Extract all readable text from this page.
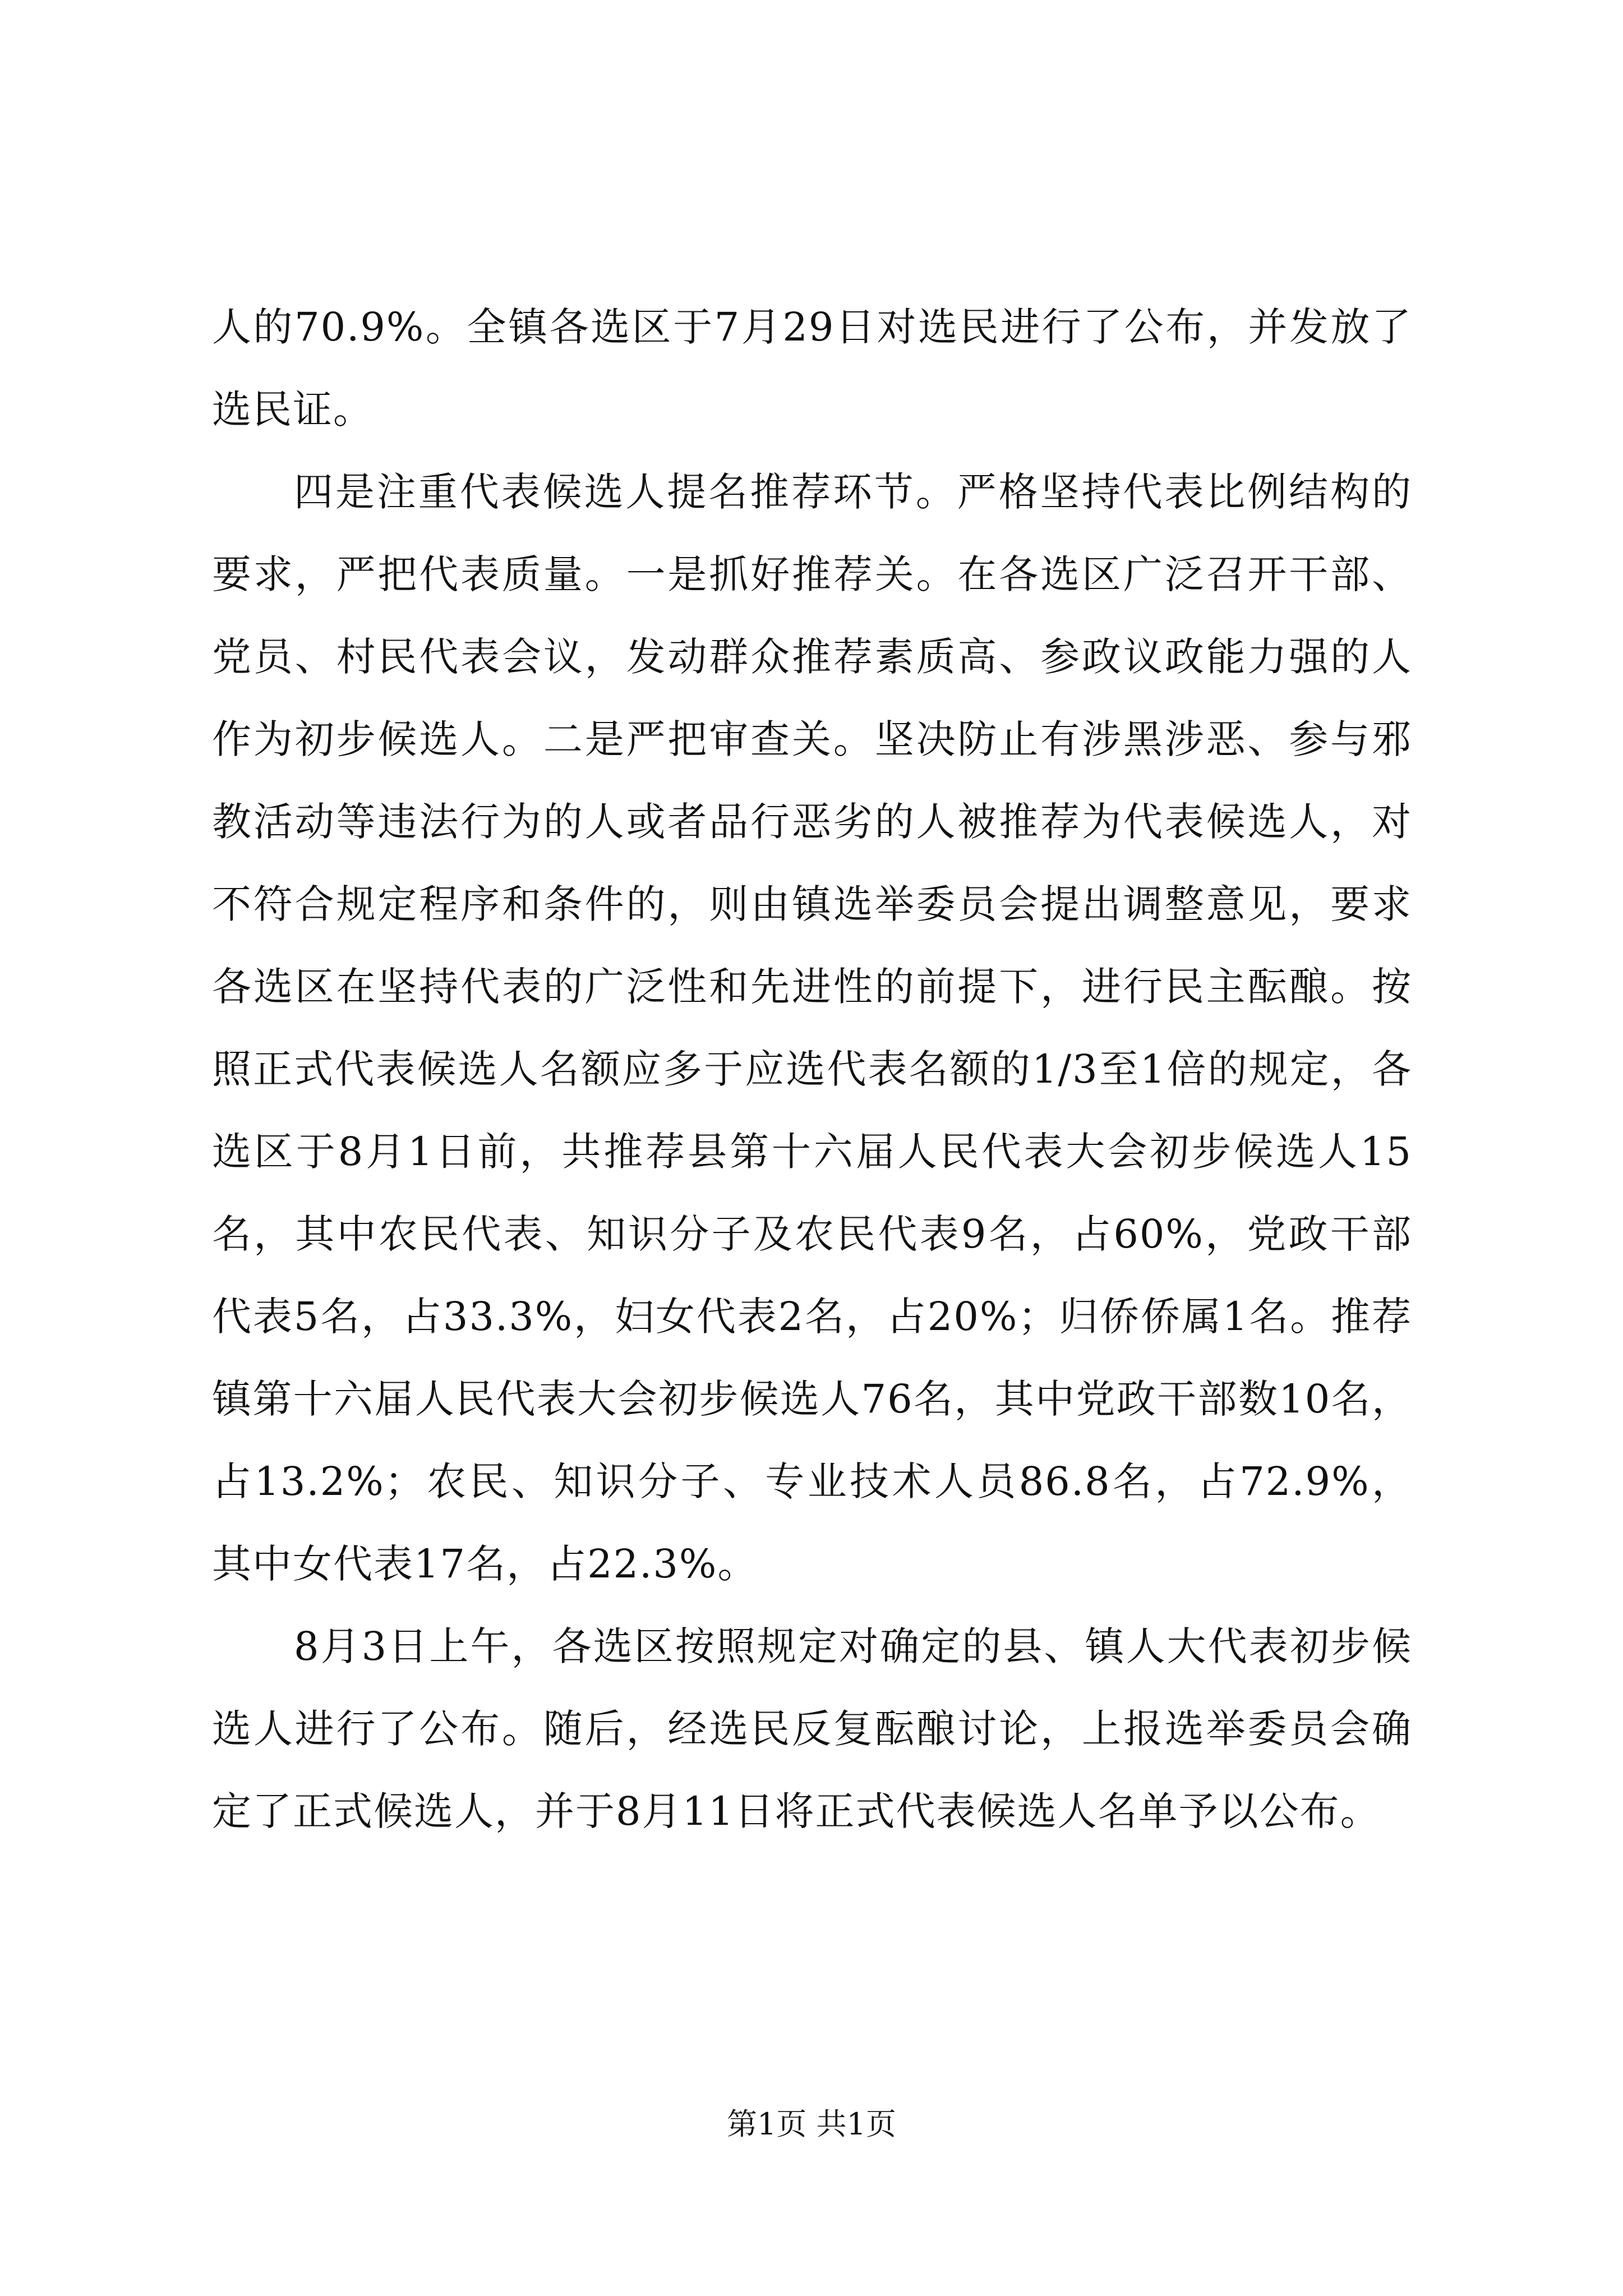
人的70.9%。全镇各选区于7月29日对选民进行了公布，并发放了选民证。

四是注重代表候选人提名推荐环节。严格坚持代表比例结构的要求，严把代表质量。一是抓好推荐关。在各选区广泛召开干部、党员、村民代表会议，发动群众推荐素质高、参政议政能力强的人作为初步候选人。二是严把审查关。坚决防止有涉黑涉恶、参与邪教活动等违法行为的人或者品行恶劣的人被推荐为代表候选人，对不符合规定程序和条件的，则由镇选举委员会提出调整意见，要求各选区在坚持代表的广泛性和先进性的前提下，进行民主酝酿。按照正式代表候选人名额应多于应选代表名额的1/3至1倍的规定，各选区于8月1日前，共推荐县第十六届人民代表大会初步候选人15名，其中农民代表、知识分子及农民代表9名，占60%，党政干部代表5名，占33.3%，妇女代表2名，占20%；归侨侨属1名。推荐镇第十六届人民代表大会初步候选人76名，其中党政干部数10名，占13.2%；农民、知识分子、专业技术人员86.8名，占72.9%，其中女代表17名，占22.3%。

8月3日上午，各选区按照规定对确定的县、镇人大代表初步候选人进行了公布。随后，经选民反复酝酿讨论，上报选举委员会确定了正式候选人，并于8月11日将正式代表候选人名单予以公布。

第1页 共1页
